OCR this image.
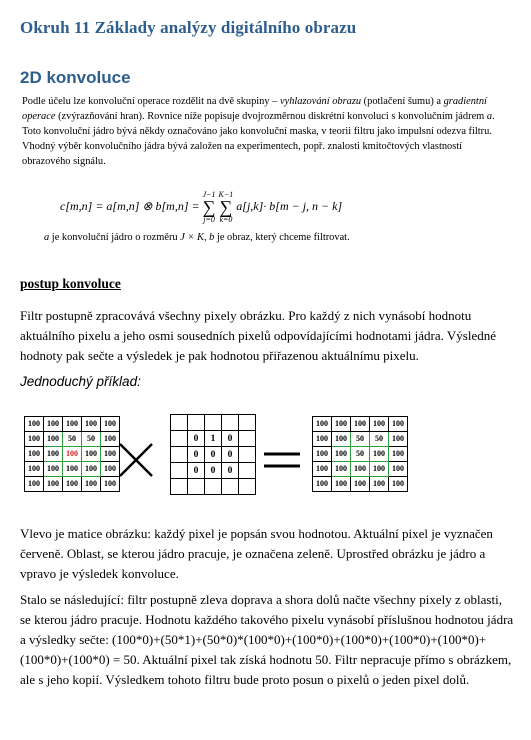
Okruh 11 Základy analýzy digitálního obrazu
2D konvoluce

Podle účelu lze konvoluční operace rozdělit na dvě skupiny – vyhlazování obrazu (potlačení šumu) a gradientní operace (zvýrazňování hran). Rovnice níže popisuje dvojrozměrnou diskrétní konvoluci s konvolučním jádrem a. Toto konvoluční jádro bývá někdy označováno jako konvoluční maska, v teorii filtru jako impulsní odezva filtru. Vhodný výběr konvolučního jádra bývá založen na experimentech, popř. znalosti kmitočtových vlastností obrazového signálu.

c[m,n] = a[m,n] ⊗ b[m,n] =
J−1
∑
j=0

K−1
∑
k=0
a[j,k]· b[m − j, n − k]
a je konvoluční jádro o rozměru J × K, b je obraz, který chceme filtrovat.
postup konvoluce

Filtr postupně zpracovává všechny pixely obrázku. Pro každý z nich vynásobí hodnotu aktuálního pixelu a jeho osmi sousedních pixelů odpovídajícími hodnotami jádra. Výsledné hodnoty pak sečte a výsledek je pak hodnotou přiřazenou aktuálnímu pixelu.

Jednoduchý příklad:
100	100	100	100	100
100	100	50	50	100
100	100	100	100	100
100	100	100	100	100
100	100	100	100	100

	0	1	0	
	0	0	0	
	0	0	0	

100	100	100	100	100
100	100	50	50	100
100	100	50	100	100
100	100	100	100	100
100	100	100	100	100

Vlevo je matice obrázku: každý pixel je popsán svou hodnotou. Aktuální pixel je vyznačen červeně. Oblast, se kterou jádro pracuje, je označena zeleně. Uprostřed obrázku je jádro a vpravo je výsledek konvoluce.

Stalo se následující: filtr postupně zleva doprava a shora dolů načte všechny pixely z oblasti, se kterou jádro pracuje. Hodnotu každého takového pixelu vynásobí příslušnou hodnotou jádra a výsledky sečte: (100*0)+(50*1)+(50*0)*(100*0)+(100*0)+(100*0)+(100*0)+(100*0)+(100*0)+(100*0) = 50. Aktuální pixel tak získá hodnotu 50. Filtr nepracuje přímo s obrázkem, ale s jeho kopií. Výsledkem tohoto filtru bude proto posun o pixelů o jeden pixel dolů.
